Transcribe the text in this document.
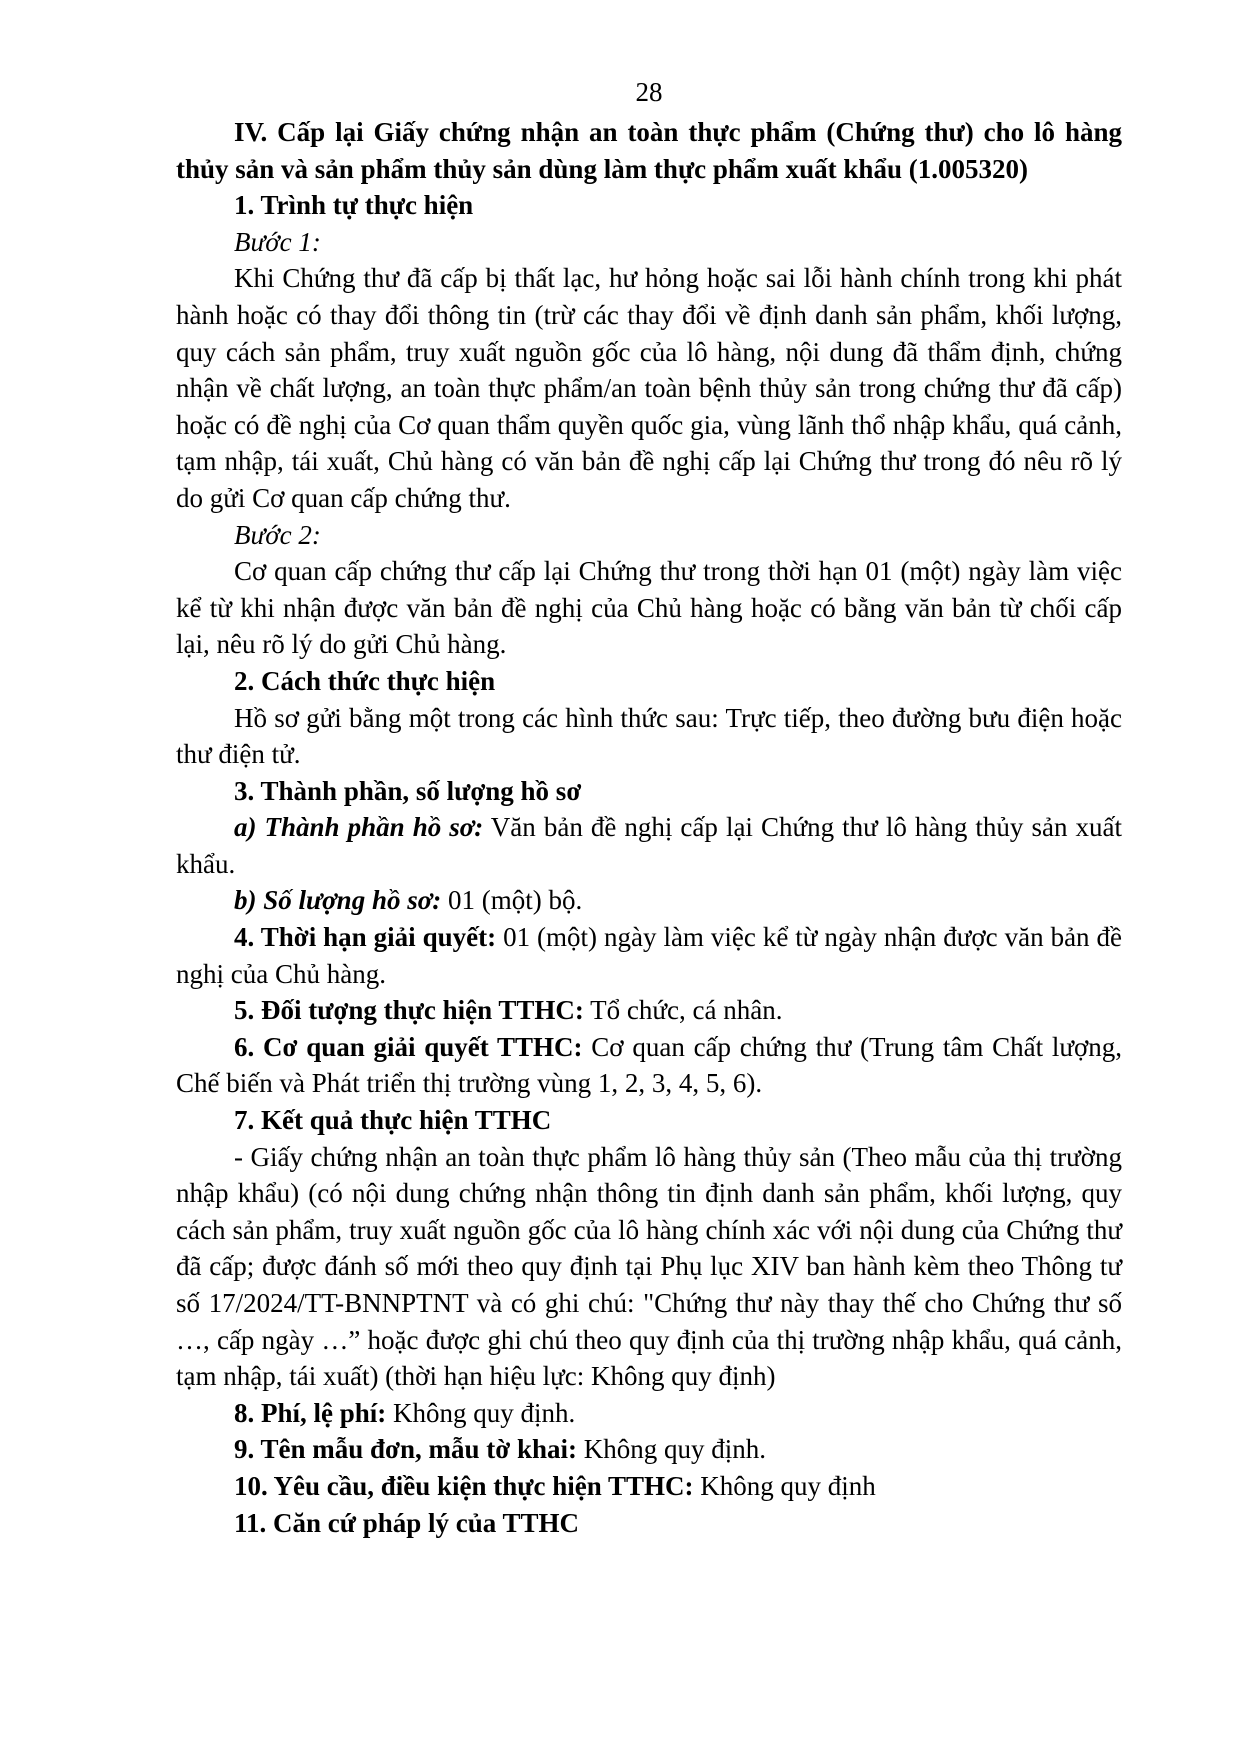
28

IV. Cấp lại Giấy chứng nhận an toàn thực phẩm (Chứng thư) cho lô hàng thủy sản và sản phẩm thủy sản dùng làm thực phẩm xuất khẩu (1.005320)

1. Trình tự thực hiện

Bước 1:

Khi Chứng thư đã cấp bị thất lạc, hư hỏng hoặc sai lỗi hành chính trong khi phát hành hoặc có thay đổi thông tin (trừ các thay đổi về định danh sản phẩm, khối lượng, quy cách sản phẩm, truy xuất nguồn gốc của lô hàng, nội dung đã thẩm định, chứng nhận về chất lượng, an toàn thực phẩm/an toàn bệnh thủy sản trong chứng thư đã cấp) hoặc có đề nghị của Cơ quan thẩm quyền quốc gia, vùng lãnh thổ nhập khẩu, quá cảnh, tạm nhập, tái xuất, Chủ hàng có văn bản đề nghị cấp lại Chứng thư trong đó nêu rõ lý do gửi Cơ quan cấp chứng thư.

Bước 2:

Cơ quan cấp chứng thư cấp lại Chứng thư trong thời hạn 01 (một) ngày làm việc kể từ khi nhận được văn bản đề nghị của Chủ hàng hoặc có bằng văn bản từ chối cấp lại, nêu rõ lý do gửi Chủ hàng.

2. Cách thức thực hiện

Hồ sơ gửi bằng một trong các hình thức sau: Trực tiếp, theo đường bưu điện hoặc thư điện tử.

3. Thành phần, số lượng hồ sơ

a) Thành phần hồ sơ: Văn bản đề nghị cấp lại Chứng thư lô hàng thủy sản xuất khẩu.

b) Số lượng hồ sơ: 01 (một) bộ.

4. Thời hạn giải quyết: 01 (một) ngày làm việc kể từ ngày nhận được văn bản đề nghị của Chủ hàng.

5. Đối tượng thực hiện TTHC: Tổ chức, cá nhân.

6. Cơ quan giải quyết TTHC: Cơ quan cấp chứng thư (Trung tâm Chất lượng, Chế biến và Phát triển thị trường vùng 1, 2, 3, 4, 5, 6).

7. Kết quả thực hiện TTHC

- Giấy chứng nhận an toàn thực phẩm lô hàng thủy sản (Theo mẫu của thị trường nhập khẩu) (có nội dung chứng nhận thông tin định danh sản phẩm, khối lượng, quy cách sản phẩm, truy xuất nguồn gốc của lô hàng chính xác với nội dung của Chứng thư đã cấp; được đánh số mới theo quy định tại Phụ lục XIV ban hành kèm theo Thông tư số 17/2024/TT-BNNPTNT và có ghi chú: "Chứng thư này thay thế cho Chứng thư số …, cấp ngày …” hoặc được ghi chú theo quy định của thị trường nhập khẩu, quá cảnh, tạm nhập, tái xuất) (thời hạn hiệu lực: Không quy định)

8. Phí, lệ phí: Không quy định.

9. Tên mẫu đơn, mẫu tờ khai: Không quy định.

10. Yêu cầu, điều kiện thực hiện TTHC: Không quy định

11. Căn cứ pháp lý của TTHC
